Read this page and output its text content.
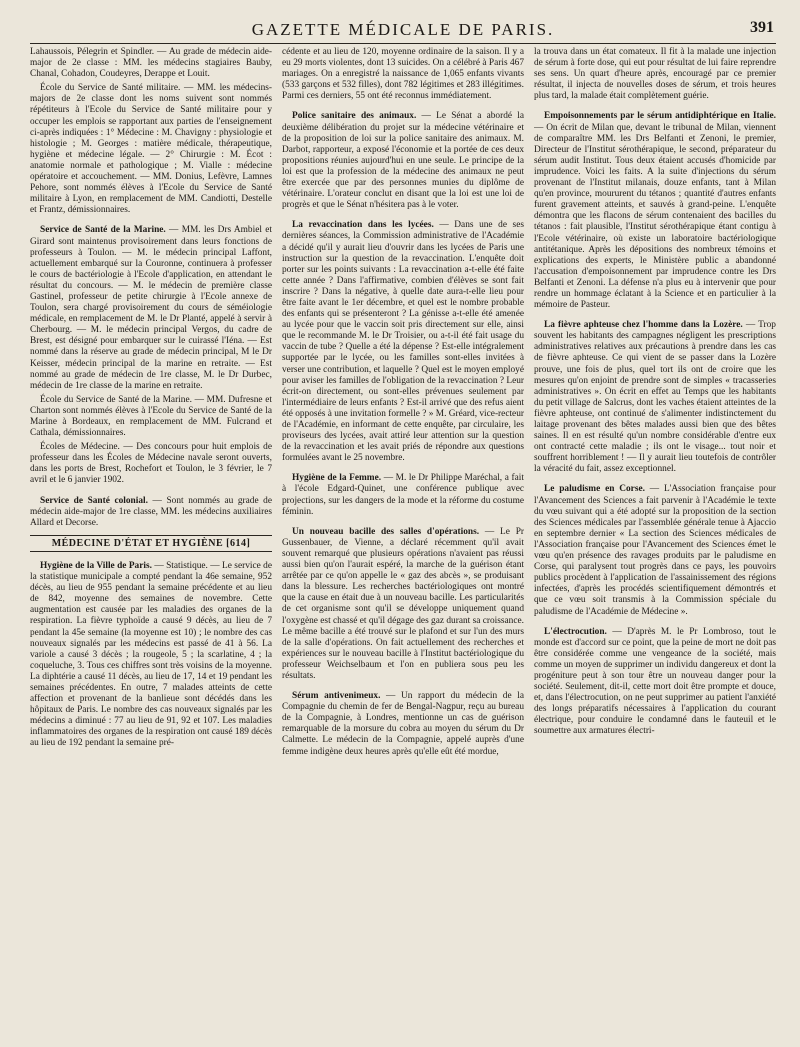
GAZETTE MÉDICALE DE PARIS.	391

Lahaussois, Pélegrin et Spindler. — Au grade de médecin aide-major de 2e classe : MM. les médecins stagiaires Bauby, Chanal, Cohadon, Coudeyres, Derappe et Louit.

École du Service de Santé militaire. — MM. les médecins-majors de 2e classe dont les noms suivent sont nommés répétiteurs à l'Ecole du Service de Santé militaire pour y occuper les emplois se rapportant aux parties de l'enseignement ci-après indiquées : 1° Médecine : M. Chavigny : physiologie et histologie ; M. Georges : matière médicale, thérapeutique, hygiène et médecine légale. — 2° Chirurgie : M. Écot : anatomie normale et pathologique ; M. Vialle : médecine opératoire et accouchement. — MM. Donius, Lefèvre, Lamnes Pehore, sont nommés élèves à l'Ecole du Service de Santé militaire à Lyon, en remplacement de MM. Candiotti, Destelle et Frantz, démissionnaires.

Service de Santé de la Marine. — MM. les Drs Ambiel et Girard sont maintenus provisoirement dans leurs fonctions de professeurs à Toulon. — M. le médecin principal Laffont, actuellement embarqué sur la Couronne, continuera à professer le cours de bactériologie à l'Ecole d'application, en attendant le résultat du concours. — M. le médecin de première classe Gastinel, professeur de petite chirurgie à l'Ecole annexe de Toulon, sera chargé provisoirement du cours de séméiologie médicale, en remplacement de M. le Dr Planté, appelé à servir à Cherbourg. — M. le médecin principal Vergos, du cadre de Brest, est désigné pour embarquer sur le cuirassé l'Iéna. — Est nommé dans la réserve au grade de médecin principal, M le Dr Keisser, médecin principal de la marine en retraite. — Est nommé au grade de médecin de 1re classe, M. le Dr Durbec, médecin de 1re classe de la marine en retraite.

École du Service de Santé de la Marine. — MM. Dufresne et Charton sont nommés élèves à l'Ecole du Service de Santé de la Marine à Bordeaux, en remplacement de MM. Fulcrand et Cathala, démissionnaires.

Écoles de Médecine. — Des concours pour huit emplois de professeur dans les Écoles de Médecine navale seront ouverts, dans les ports de Brest, Rochefort et Toulon, le 3 février, le 7 avril et le 6 janvier 1902.

Service de Santé colonial. — Sont nommés au grade de médecin aide-major de 1re classe, MM. les médecins auxiliaires Allard et Decorse.

MÉDECINE D'ÉTAT ET HYGIÈNE [614]

Hygiène de la Ville de Paris. — Statistique. — Le service de la statistique municipale a compté pendant la 46e semaine, 952 décès, au lieu de 955 pendant la semaine précédente et au lieu de 842, moyenne des semaines de novembre. Cette augmentation est causée par les maladies des organes de la respiration. La fièvre typhoïde a causé 9 décès, au lieu de 7 pendant la 45e semaine (la moyenne est 10) ; le nombre des cas nouveaux signalés par les médecins est passé de 41 à 56. La variole a causé 3 décès ; la rougeole, 5 ; la scarlatine, 4 ; la coqueluche, 3. Tous ces chiffres sont très voisins de la moyenne. La diphtérie a causé 11 décès, au lieu de 17, 14 et 19 pendant les semaines précédentes. En outre, 7 malades atteints de cette affection et provenant de la banlieue sont décédés dans les hôpitaux de Paris. Le nombre des cas nouveaux signalés par les médecins a diminué : 77 au lieu de 91, 92 et 107. Les maladies inflammatoires des organes de la respiration ont causé 189 décès au lieu de 192 pendant la semaine pré-

cédente et au lieu de 120, moyenne ordinaire de la saison. Il y a eu 29 morts violentes, dont 13 suicides. On a célébré à Paris 467 mariages. On a enregistré la naissance de 1,065 enfants vivants (533 garçons et 532 filles), dont 782 légitimes et 283 illégitimes. Parmi ces derniers, 55 ont été reconnus immédiatement.

Police sanitaire des animaux. — Le Sénat a abordé la deuxième délibération du projet sur la médecine vétérinaire et de la proposition de loi sur la police sanitaire des animaux. M. Darbot, rapporteur, a exposé l'économie et la portée de ces deux propositions réunies aujourd'hui en une seule. Le principe de la loi est que la profession de la médecine des animaux ne peut être exercée que par des personnes munies du diplôme de vétérinaire. L'orateur conclut en disant que la loi est une loi de progrès et que le Sénat n'hésitera pas à le voter.

La revaccination dans les lycées. — Dans une de ses dernières séances, la Commission administrative de l'Académie a décidé qu'il y aurait lieu d'ouvrir dans les lycées de Paris une instruction sur la question de la revaccination. L'enquête doit porter sur les points suivants : La revaccination a-t-elle été faite cette année ? Dans l'affirmative, combien d'élèves se sont fait inscrire ? Dans la négative, à quelle date aura-t-elle lieu pour être faite avant le 1er décembre, et quel est le nombre probable des enfants qui se présenteront ? La génisse a-t-elle été amenée au lycée pour que le vaccin soit pris directement sur elle, ainsi que le recommande M. le Dr Troisier, ou a-t-il été fait usage du vaccin de tube ? Quelle a été la dépense ? Est-elle intégralement supportée par le lycée, ou les familles sont-elles invitées à verser une contribution, et laquelle ? Quel est le moyen employé pour aviser les familles de l'obligation de la revaccination ? Leur écrit-on directement, ou sont-elles prévenues seulement par l'intermédiaire de leurs enfants ? Est-il arrivé que des refus aient été opposés à une invitation formelle ? » M. Gréard, vice-recteur de l'Académie, en informant de cette enquête, par circulaire, les proviseurs des lycées, avait attiré leur attention sur la question de la revaccination et les avait priés de répondre aux questions formulées avant le 25 novembre.

Hygiène de la Femme. — M. le Dr Philippe Maréchal, a fait à l'école Edgard-Quinet, une conférence publique avec projections, sur les dangers de la mode et la réforme du costume féminin.

Un nouveau bacille des salles d'opérations. — Le Pr Gussenbauer, de Vienne, a déclaré récemment qu'il avait souvent remarqué que plusieurs opérations n'avaient pas réussi aussi bien qu'on l'aurait espéré, la marche de la guérison étant arrêtée par ce qu'on appelle le « gaz des abcès », se produisant dans la blessure. Les recherches bactériologiques ont montré que la cause en était due à un nouveau bacille. Les particularités de cet organisme sont qu'il se développe uniquement quand l'oxygène est chassé et qu'il dégage des gaz durant sa croissance. Le même bacille a été trouvé sur le plafond et sur l'un des murs de la salle d'opérations. On fait actuellement des recherches et expériences sur le nouveau bacille à l'Institut bactériologique du professeur Weichselbaum et l'on en publiera sous peu les résultats.

Sérum antivenimeux. — Un rapport du médecin de la Compagnie du chemin de fer de Bengal-Nagpur, reçu au bureau de la Compagnie, à Londres, mentionne un cas de guérison remarquable de la morsure du cobra au moyen du sérum du Dr Calmette. Le médecin de la Compagnie, appelé auprès d'une femme indigène deux heures après qu'elle eût été mordue,

la trouva dans un état comateux. Il fit à la malade une injection de sérum à forte dose, qui eut pour résultat de lui faire reprendre ses sens. Un quart d'heure après, encouragé par ce premier résultat, il injecta de nouvelles doses de sérum, et trois heures plus tard, la malade était complètement guérie.

Empoisonnements par le sérum antidiphtérique en Italie. — On écrit de Milan que, devant le tribunal de Milan, viennent de comparaître MM. les Drs Belfanti et Zenoni, le premier, Directeur de l'Institut sérothérapique, le second, préparateur du sérum audit Institut. Tous deux étaient accusés d'homicide par imprudence. Voici les faits. A la suite d'injections du sérum provenant de l'Institut milanais, douze enfants, tant à Milan qu'en province, moururent du tétanos ; quantité d'autres enfants furent gravement atteints, et sauvés à grand-peine. L'enquête démontra que les flacons de sérum contenaient des bacilles du tétanos : fait plausible, l'Institut sérothérapique étant contigu à l'Ecole vétérinaire, où existe un laboratoire bactériologique antitétanique. Après les dépositions des nombreux témoins et explications des experts, le Ministère public a abandonné l'accusation d'empoisonnement par imprudence contre les Drs Belfanti et Zenoni. La défense n'a plus eu à intervenir que pour rendre un hommage éclatant à la Science et en particulier à la mémoire de Pasteur.

La fièvre aphteuse chez l'homme dans la Lozère. — Trop souvent les habitants des campagnes négligent les prescriptions administratives relatives aux précautions à prendre dans les cas de fièvre aphteuse. Ce qui vient de se passer dans la Lozère prouve, une fois de plus, quel tort ils ont de croire que les mesures qu'on enjoint de prendre sont de simples « tracasseries administratives ». On écrit en effet au Temps que les habitants du petit village de Salcrus, dont les vaches étaient atteintes de la fièvre aphteuse, ont continué de s'alimenter indistinctement du laitage provenant des bêtes malades aussi bien que des bêtes saines. Il en est résulté qu'un nombre considérable d'entre eux ont contracté cette maladie ; ils ont le visage... tout noir et souffrent horriblement ! — Il y aurait lieu toutefois de contrôler la véracité du fait, assez exceptionnel.

Le paludisme en Corse. — L'Association française pour l'Avancement des Sciences a fait parvenir à l'Académie le texte du vœu suivant qui a été adopté sur la proposition de la section des Sciences médicales par l'assemblée générale tenue à Ajaccio en septembre dernier « La section des Sciences médicales de l'Association française pour l'Avancement des Sciences émet le vœu qu'en présence des ravages produits par le paludisme en Corse, qui paralysent tout progrès dans ce pays, les pouvoirs publics procèdent à l'application de l'assainissement des régions infectées, d'après les procédés scientifiquement démontrés et que ce vœu soit transmis à la Commission spéciale du paludisme de l'Académie de Médecine ».

L'électrocution. — D'après M. le Pr Lombroso, tout le monde est d'accord sur ce point, que la peine de mort ne doit pas être considérée comme une vengeance de la société, mais comme un moyen de supprimer un individu dangereux et dont la progéniture peut à son tour être un nouveau danger pour la société. Seulement, dit-il, cette mort doit être prompte et douce, et, dans l'électrocution, on ne peut supprimer au patient l'anxiété des longs préparatifs nécessaires à l'application du courant électrique, pour conduire le condamné dans le fauteuil et le soumettre aux armatures électri-
